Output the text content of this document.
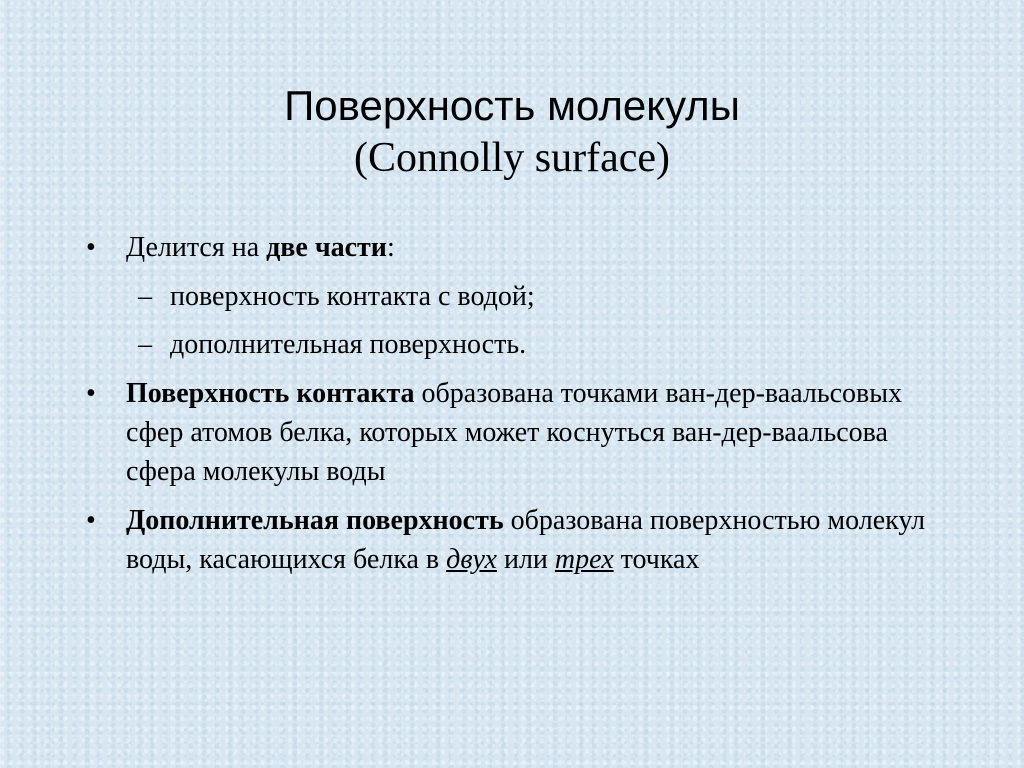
Поверхность молекулы
(Connolly surface)
• Делится на две части:
– поверхность контакта с водой;
– дополнительная поверхность.
• Поверхность контакта образована точками ван-дер-ваальсовых сфер атомов белка, которых может коснуться ван-дер-ваальсова сфера молекулы воды
• Дополнительная поверхность образована поверхностью молекул воды, касающихся белка в двух или трех точках
